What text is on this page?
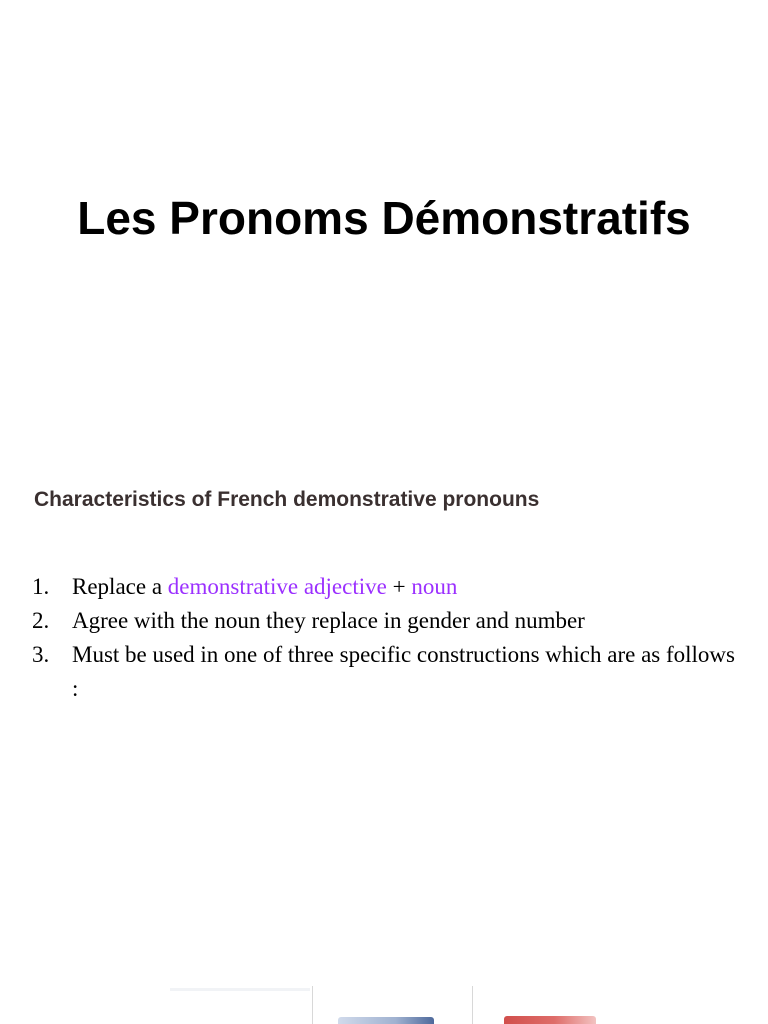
Les Pronoms Démonstratifs
Characteristics of French demonstrative pronouns
1. Replace a demonstrative adjective + noun
2. Agree with the noun they replace in gender and number
3. Must be used in one of three specific constructions which are as follows :
